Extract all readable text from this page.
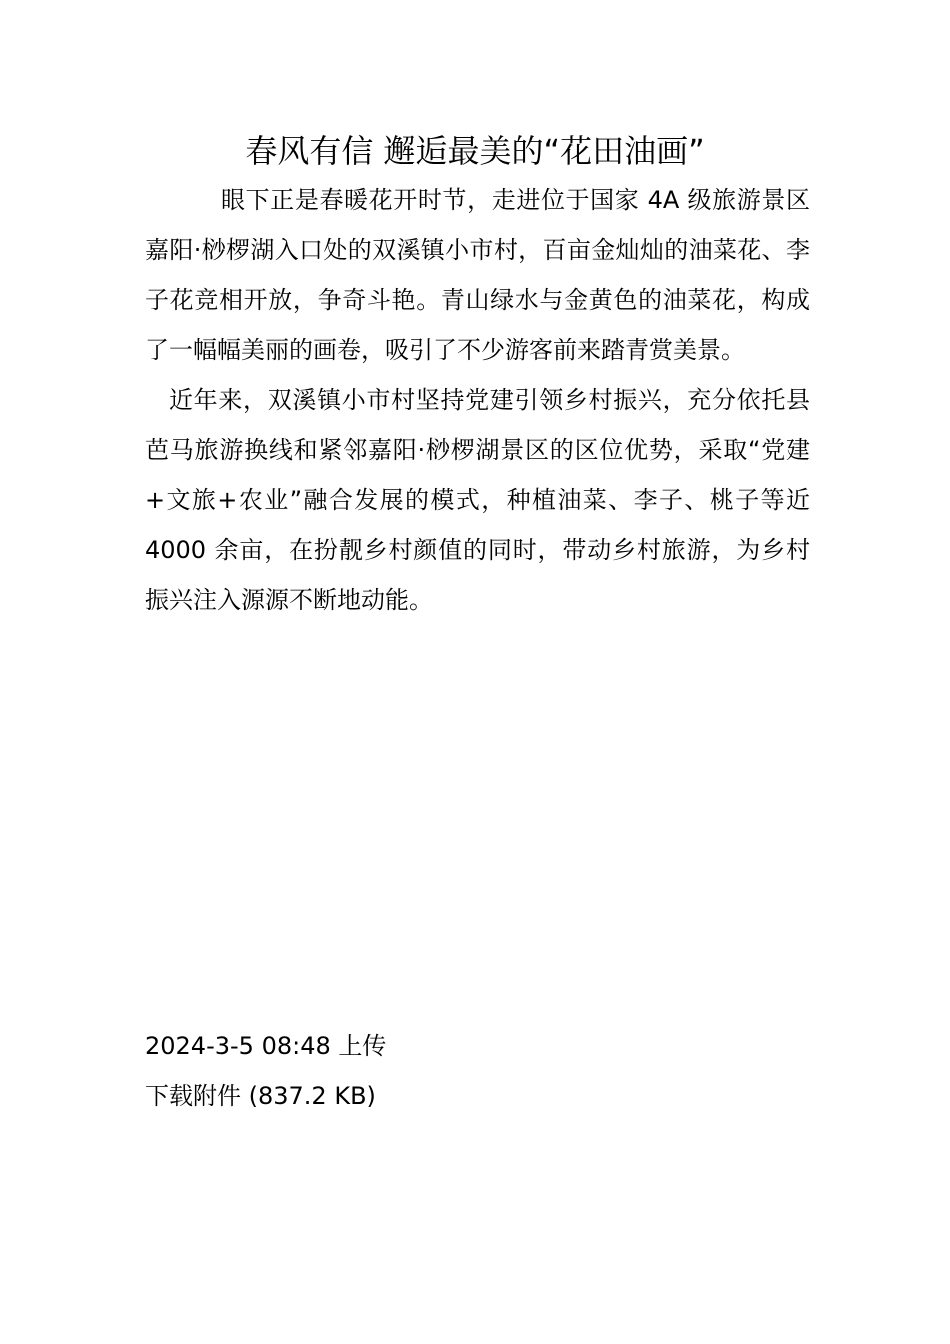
春风有信 邂逅最美的“花田油画”

眼下正是春暖花开时节，走进位于国家 4A 级旅游景区嘉阳·桫椤湖入口处的双溪镇小市村，百亩金灿灿的油菜花、李子花竞相开放，争奇斗艳。青山绿水与金黄色的油菜花，构成了一幅幅美丽的画卷，吸引了不少游客前来踏青赏美景。

近年来，双溪镇小市村坚持党建引领乡村振兴，充分依托县芭马旅游换线和紧邻嘉阳·桫椤湖景区的区位优势，采取“党建+文旅+农业”融合发展的模式，种植油菜、李子、桃子等近 4000 余亩，在扮靓乡村颜值的同时，带动乡村旅游，为乡村振兴注入源源不断地动能。

2024-3-5 08:48 上传

下载附件 (837.2 KB)
